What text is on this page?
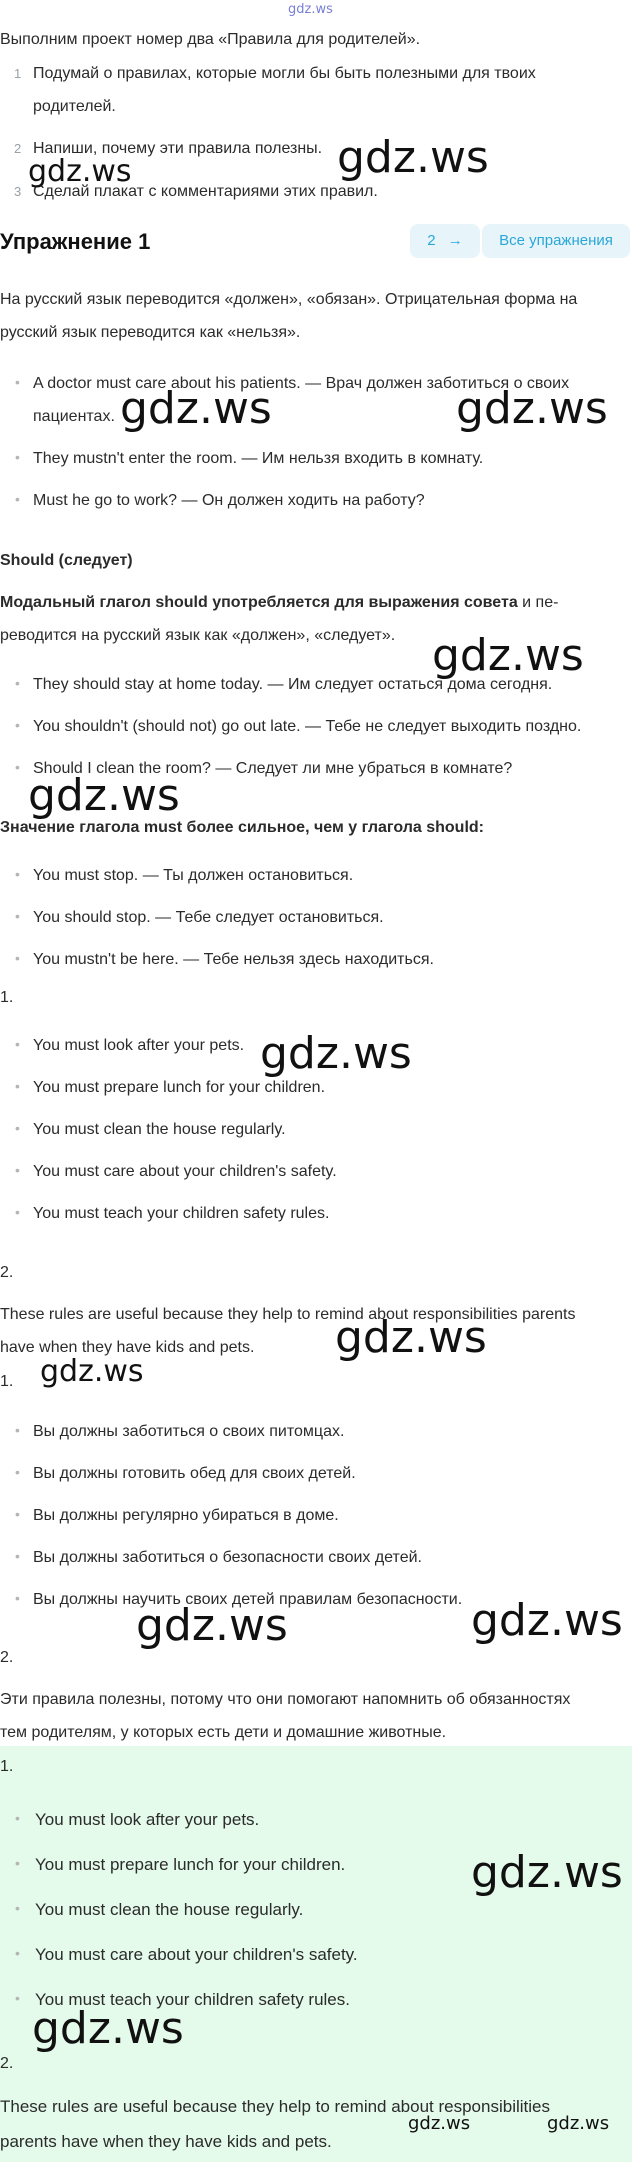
gdz.ws
Выполним проект номер два «Правила для родителей».
1 Подумай о правилах, которые могли бы быть полезными для твоих
родителей.
2 Напиши, почему эти правила полезны.
3 Сделай плакат с комментариями этих правил.
gdz.ws
gdz.ws
Упражнение 1	2 →	Все упражнения
На русский язык переводится «должен», «обязан». Отрицательная форма на
русский язык переводится как «нельзя».
• A doctor must care about his patients. — Врач должен заботиться о своих
пациентах.
• They mustn't enter the room. — Им нельзя входить в комнату.
• Must he go to work? — Он должен ходить на работу?
gdz.ws	gdz.ws
Should (следует)
Модальный глагол should употребляется для выражения совета и пе-
реводится на русский язык как «должен», «следует». gdz.ws
• They should stay at home today. — Им следует остаться дома сегодня.
• You shouldn't (should not) go out late. — Тебе не следует выходить поздно.
• Should I clean the room? — Следует ли мне убраться в комнате?
gdz.ws
Значение глагола must более сильное, чем у глагола should:
• You must stop. — Ты должен остановиться.
• You should stop. — Тебе следует остановиться.
• You mustn't be here. — Тебе нельзя здесь находиться.
1.
• You must look after your pets.
• You must prepare lunch for your children.
• You must clean the house regularly.
• You must care about your children's safety.
• You must teach your children safety rules.
gdz.ws
2.
These rules are useful because they help to remind about responsibilities parents
have when they have kids and pets. gdz.ws
1. gdz.ws
• Вы должны заботиться о своих питомцах.
• Вы должны готовить обед для своих детей.
• Вы должны регулярно убираться в доме.
• Вы должны заботиться о безопасности своих детей.
• Вы должны научить своих детей правилам безопасности.
gdz.ws	gdz.ws
2.
Эти правила полезны, потому что они помогают напомнить об обязанностях
тем родителям, у которых есть дети и домашние животные.
1.
• You must look after your pets.
• You must prepare lunch for your children.
• You must clean the house regularly.
• You must care about your children's safety.
• You must teach your children safety rules.
gdz.ws
gdz.ws
2.
These rules are useful because they help to remind about responsibilities
parents have when they have kids and pets.
gdz.ws	gdz.ws
